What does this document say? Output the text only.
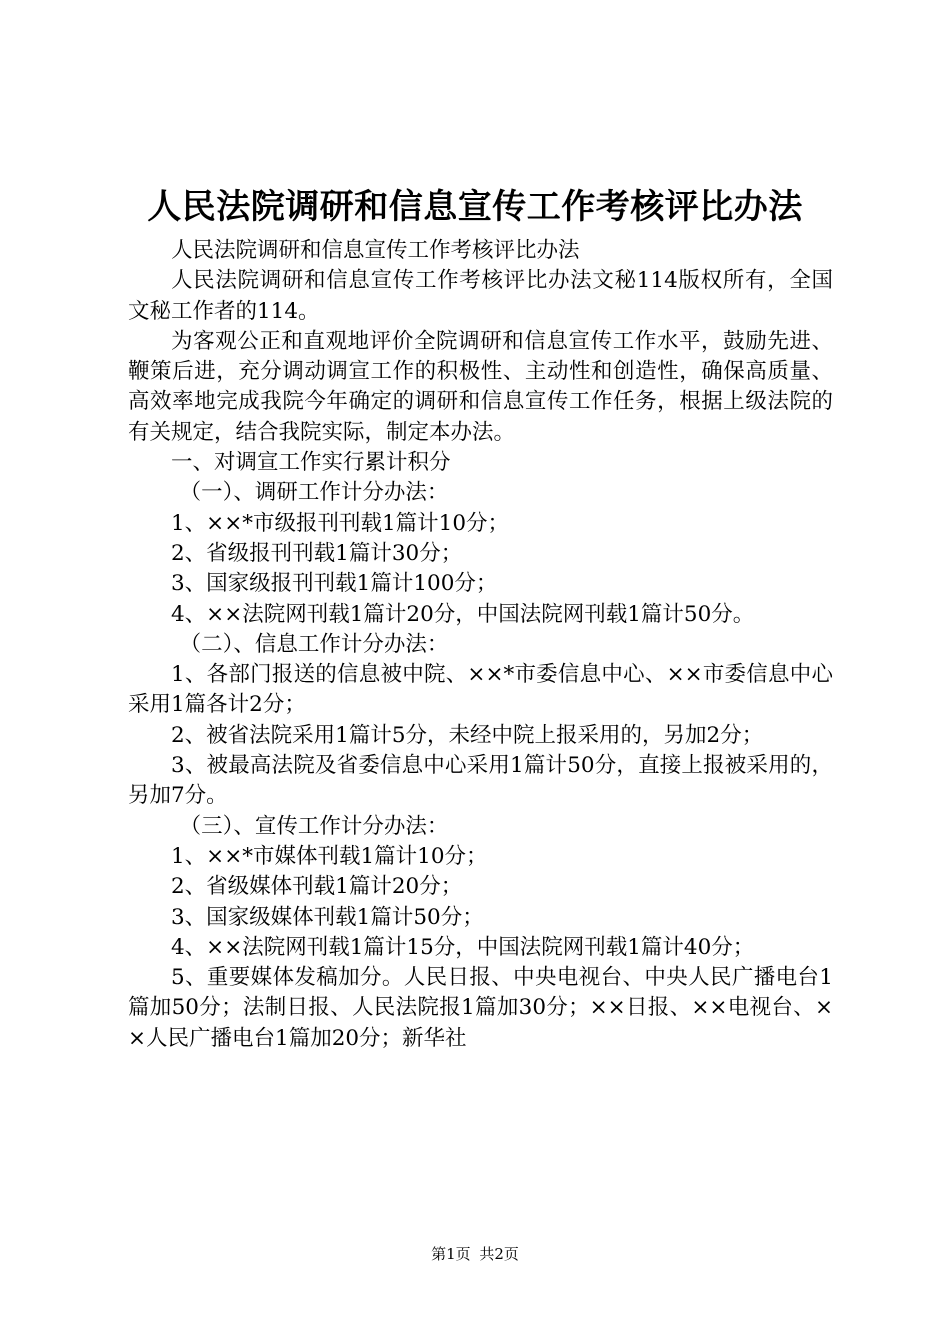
人民法院调研和信息宣传工作考核评比办法

人民法院调研和信息宣传工作考核评比办法

人民法院调研和信息宣传工作考核评比办法文秘114版权所有，全国文秘工作者的114。

为客观公正和直观地评价全院调研和信息宣传工作水平，鼓励先进、鞭策后进，充分调动调宣工作的积极性、主动性和创造性，确保高质量、高效率地完成我院今年确定的调研和信息宣传工作任务，根据上级法院的有关规定，结合我院实际，制定本办法。

一、对调宣工作实行累计积分

（一）、调研工作计分办法：

1、××*市级报刊刊载1篇计10分；

2、省级报刊刊载1篇计30分；

3、国家级报刊刊载1篇计100分；

4、××法院网刊载1篇计20分，中国法院网刊载1篇计50分。

（二）、信息工作计分办法：

1、各部门报送的信息被中院、××*市委信息中心、××市委信息中心采用1篇各计2分；

2、被省法院采用1篇计5分，未经中院上报采用的，另加2分；

3、被最高法院及省委信息中心采用1篇计50分，直接上报被采用的，另加7分。

（三）、宣传工作计分办法：

1、××*市媒体刊载1篇计10分；

2、省级媒体刊载1篇计20分；

3、国家级媒体刊载1篇计50分；

4、××法院网刊载1篇计15分，中国法院网刊载1篇计40分；

5、重要媒体发稿加分。人民日报、中央电视台、中央人民广播电台1篇加50分；法制日报、人民法院报1篇加30分；××日报、××电视台、××人民广播电台1篇加20分；新华社

第1页 共2页
